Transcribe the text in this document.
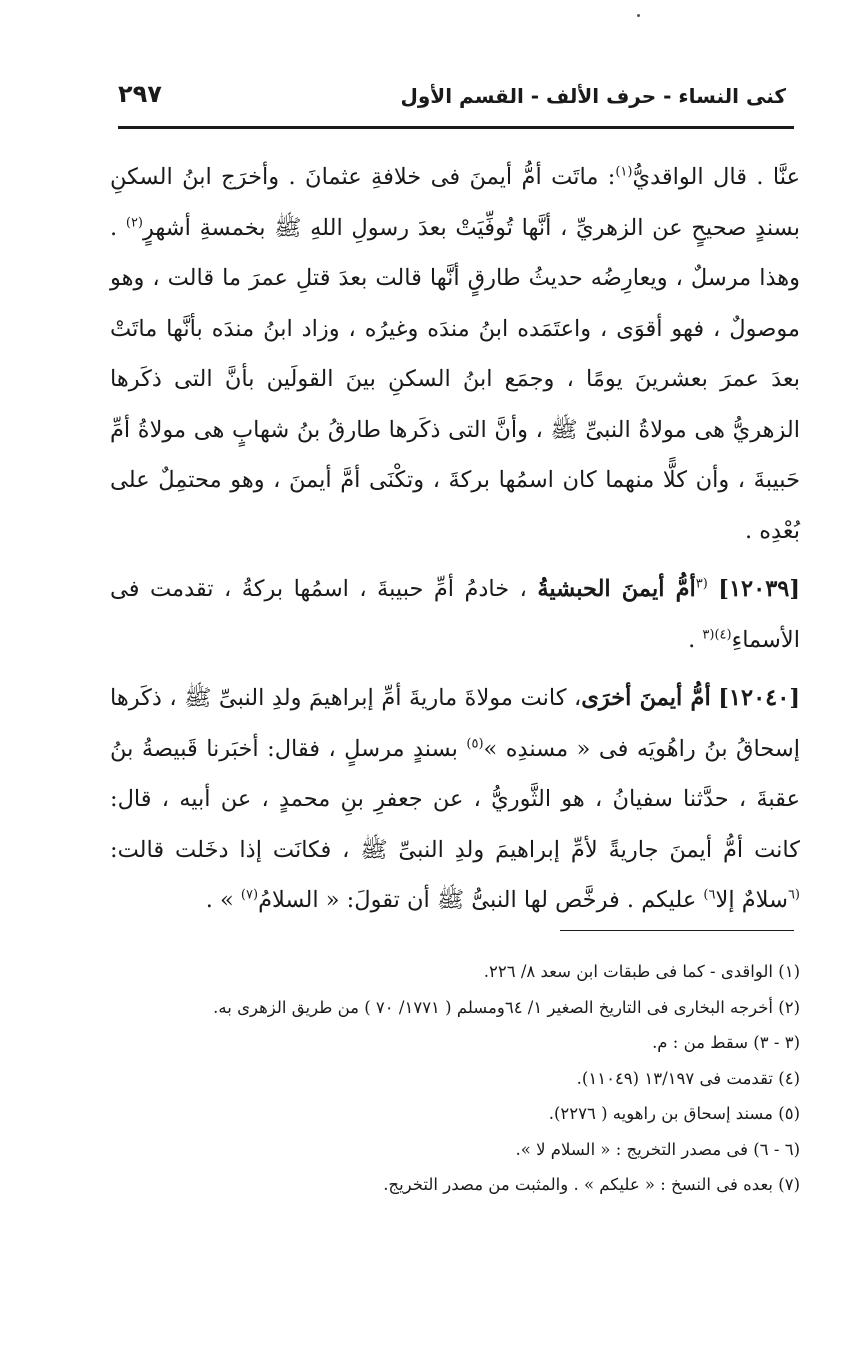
كنى النساء - حرف الألف - القسم الأول
٢٩٧

عنَّا . قال الواقديُّ$^{(١)}$: ماتَت أمُّ أيمنَ فى خلافةِ عثمانَ . وأخرَج ابنُ السكنِ بسندٍ صحيحٍ عن الزهريِّ ، أنَّها تُوفِّيَتْ بعدَ رسولِ اللهِ ﷺ بخمسةِ أشهرٍ$^{(٢)}$ . وهذا مرسلٌ ، ويعارِضُه حديثُ طارقٍ أنَّها قالت بعدَ قتلِ عمرَ ما قالت ، وهو موصولٌ ، فهو أقوَى ، واعتَمَده ابنُ مندَه وغيرُه ، وزاد ابنُ مندَه بأنَّها ماتَتْ بعدَ عمرَ بعشرينَ يومًا ، وجمَع ابنُ السكنِ بينَ القولَين بأنَّ التى ذكَرها الزهريُّ هى مولاةُ النبىِّ ﷺ ، وأنَّ التى ذكَرها طارقُ بنُ شهابٍ هى مولاةُ أمِّ حَبيبةَ ، وأن كلًّا منهما كان اسمُها بركةَ ، وتكْنَى أمَّ أيمنَ ، وهو محتمِلٌ على بُعْدِه .

[١٢٠٣٩] $^{(٣}$أمُّ أيمنَ الحبشيةُ ، خادمُ أمِّ حبيبةَ ، اسمُها بركةُ ، تقدمت فى الأسماءِ$^{(٤)(٣}$ .

[١٢٠٤٠] أمُّ أيمنَ أخرَى، كانت مولاةَ ماريةَ أمِّ إبراهيمَ ولدِ النبىِّ ﷺ ، ذكَرها إسحاقُ بنُ راهُويَه فى « مسندِه »$^{(٥)}$ بسندٍ مرسلٍ ، فقال: أخبَرنا قَبيصةُ بنُ عقبةَ ، حدَّثنا سفيانُ ، هو الثَّوريُّ ، عن جعفرِ بنِ محمدٍ ، عن أبيه ، قال: كانت أمُّ أيمنَ جاريةً لأمِّ إبراهيمَ ولدِ النبىِّ ﷺ ، فكانَت إذا دخَلت قالت: $^{(٦}$سلامٌ إلا$^{٦)}$ عليكم . فرخَّص لها النبىُّ ﷺ أن تقولَ: « السلامُ$^{(٧)}$ » .

(١) الواقدى - كما فى طبقات ابن سعد ٨/ ٢٢٦.
(٢) أخرجه البخارى فى التاريخ الصغير ١/ ٦٤ومسلم ( ١٧٧١/ ٧٠ ) من طريق الزهرى به.
(٣ - ٣) سقط من : م.
(٤) تقدمت فى ١٣/١٩٧ (١١٠٤٩).
(٥) مسند إسحاق بن راهويه ( ٢٢٧٦).
(٦ - ٦) فى مصدر التخريج : « السلام لا ».
(٧) بعده فى النسخ : « عليكم » . والمثبت من مصدر التخريج.
